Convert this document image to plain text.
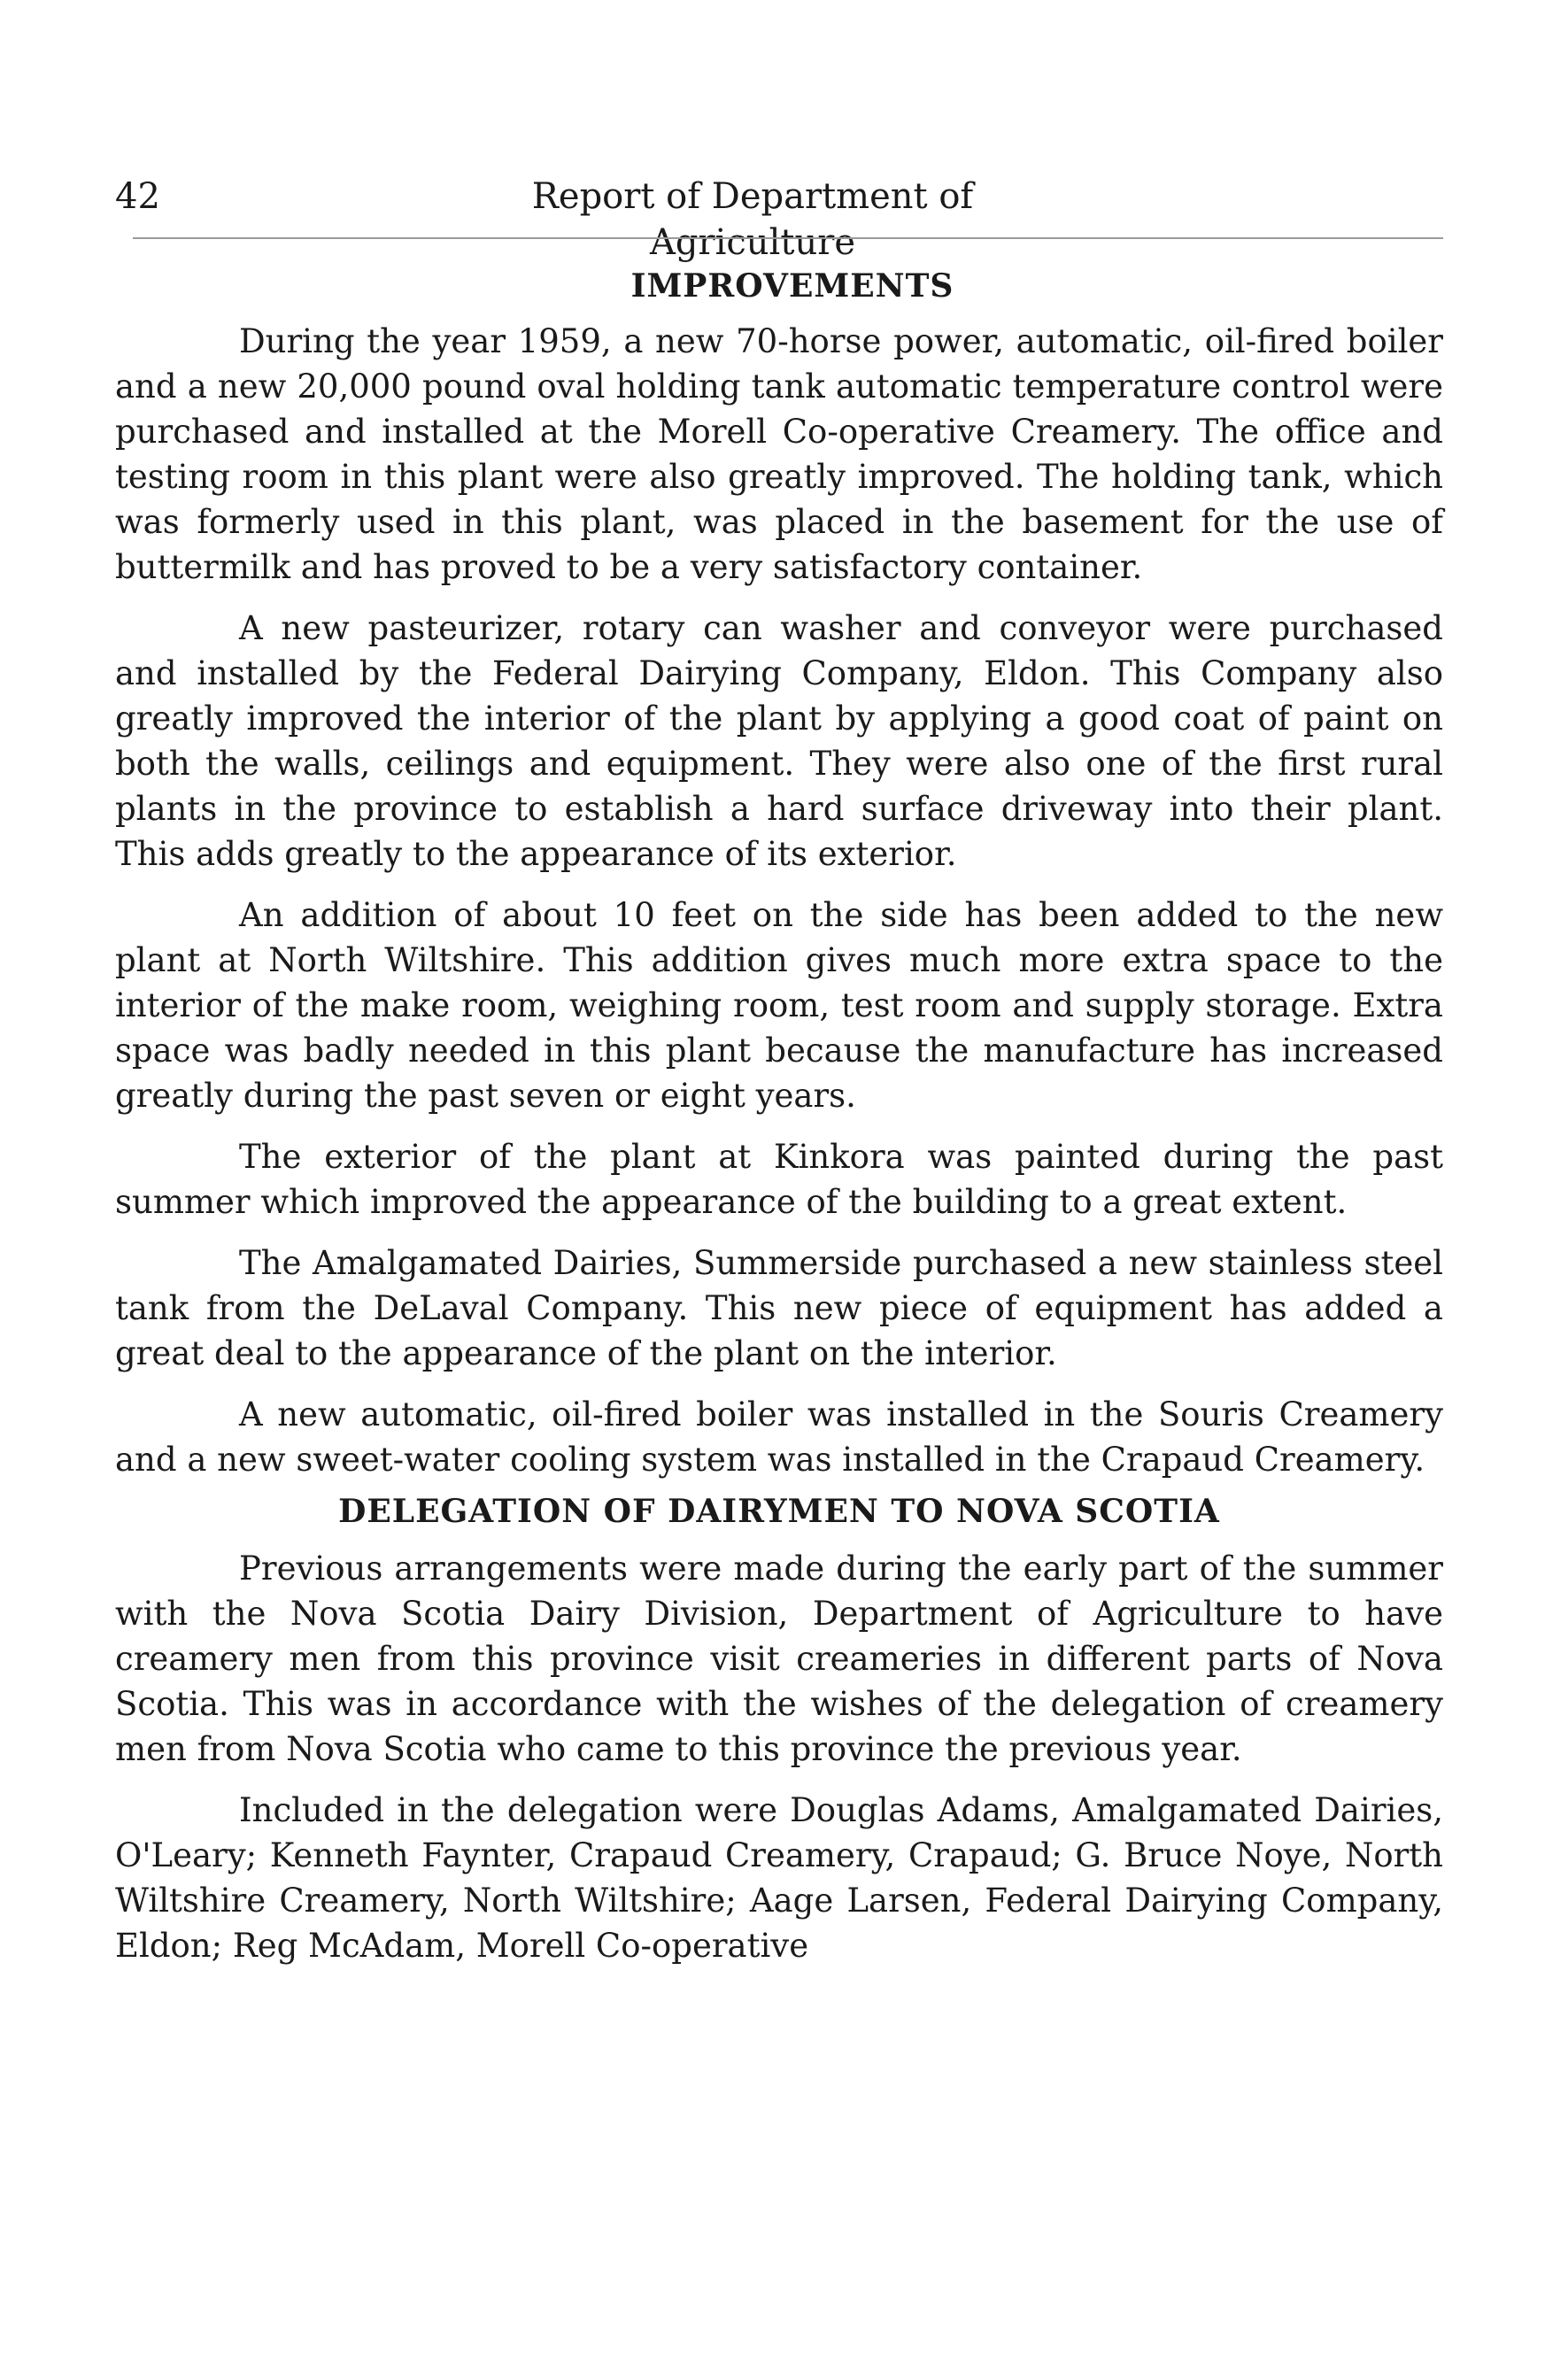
42	Report of Department of Agriculture
IMPROVEMENTS

During the year 1959, a new 70-horse power, automatic, oil-fired boiler and a new 20,000 pound oval holding tank automatic temperature control were purchased and installed at the Morell Co-operative Creamery. The office and testing room in this plant were also greatly improved. The holding tank, which was formerly used in this plant, was placed in the basement for the use of buttermilk and has proved to be a very satisfactory container.

A new pasteurizer, rotary can washer and conveyor were purchased and installed by the Federal Dairying Company, Eldon. This Company also greatly improved the interior of the plant by applying a good coat of paint on both the walls, ceilings and equipment. They were also one of the first rural plants in the province to establish a hard surface driveway into their plant. This adds greatly to the appearance of its exterior.

An addition of about 10 feet on the side has been added to the new plant at North Wiltshire. This addition gives much more extra space to the interior of the make room, weighing room, test room and supply storage. Extra space was badly needed in this plant because the manufacture has increased greatly during the past seven or eight years.

The exterior of the plant at Kinkora was painted during the past summer which improved the appearance of the building to a great extent.

The Amalgamated Dairies, Summerside purchased a new stainless steel tank from the DeLaval Company. This new piece of equipment has added a great deal to the appearance of the plant on the interior.

A new automatic, oil-fired boiler was installed in the Souris Creamery and a new sweet-water cooling system was installed in the Crapaud Creamery.

DELEGATION OF DAIRYMEN TO NOVA SCOTIA

Previous arrangements were made during the early part of the summer with the Nova Scotia Dairy Division, Department of Agriculture to have creamery men from this province visit creameries in different parts of Nova Scotia. This was in accordance with the wishes of the delegation of creamery men from Nova Scotia who came to this province the previous year.

Included in the delegation were Douglas Adams, Amalgamated Dairies, O'Leary; Kenneth Faynter, Crapaud Creamery, Crapaud; G. Bruce Noye, North Wiltshire Creamery, North Wiltshire; Aage Larsen, Federal Dairying Company, Eldon; Reg McAdam, Morell Co-operative
